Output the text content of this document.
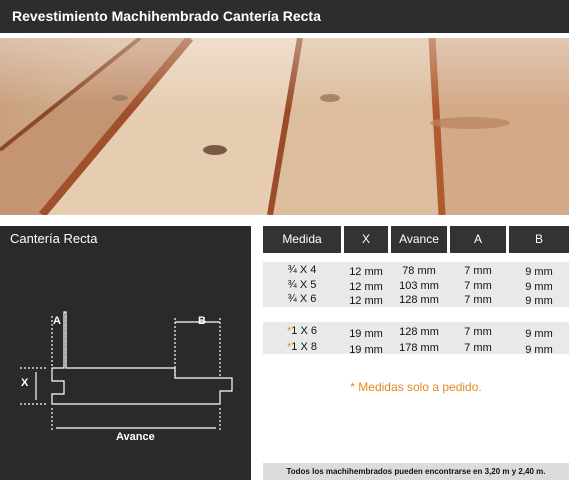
Revestimiento Machihembrado Cantería Recta
Cantería Recta
A	B
X
Avance
Medida	X	Avance	A	B
¾ X 4	12 mm	78 mm	7 mm	9 mm
¾ X 5	12 mm	103 mm	7 mm	9 mm
¾ X 6	12 mm	128 mm	7 mm	9 mm
*1 X 6	19 mm	128 mm	7 mm	9 mm
*1 X 8	19 mm	178 mm	7 mm	9 mm
* Medidas solo a pedido.
Todos los machihembrados pueden encontrarse en 3,20 m y 2,40 m.
